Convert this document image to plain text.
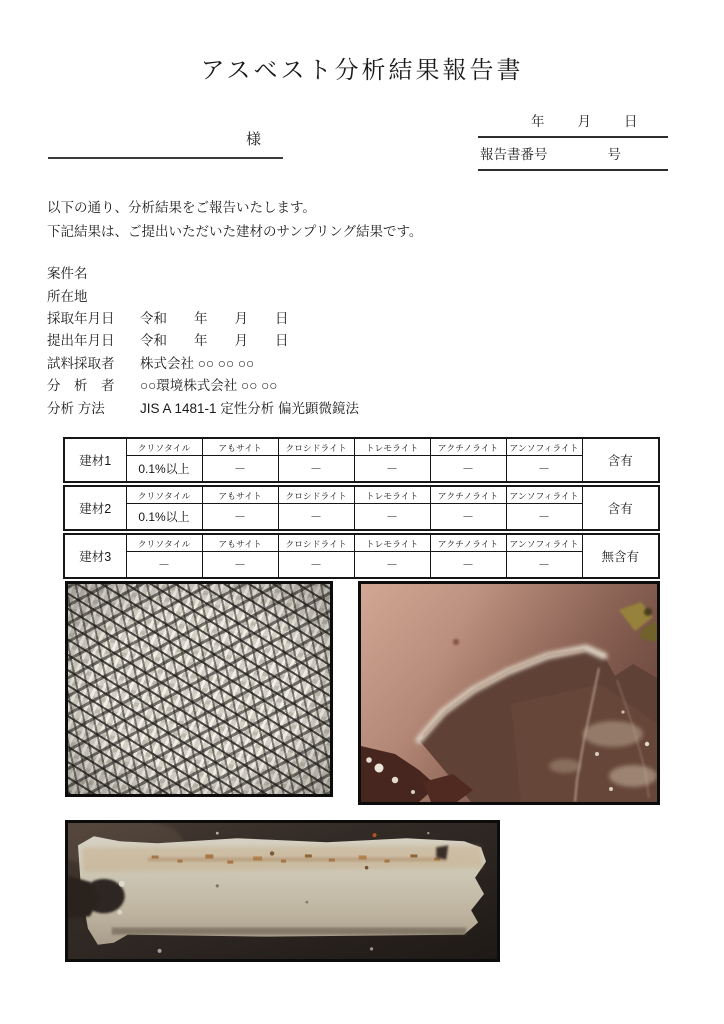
アスベスト分析結果報告書
様
年 月 日
報告書番号	号
以下の通り、分析結果をご報告いたします。
下記結果は、ご提出いただいた建材のサンプリング結果です。
案件名
所在地
採取年月日	令和　　年　　月　　日
提出年月日	令和　　年　　月　　日
試料採取者	株式会社 ○○ ○○ ○○
分　析　者	○○環境株式会社 ○○ ○○
分析 方法	JIS A 1481-1 定性分析 偏光顕微鏡法
建材1	クリソタイル	アもサイト	クロシドライト	トレモライト	アクチノライト	アンソフィライト	含有
	0.1%以上	－	－	－	－	－	
建材2	クリソタイル	アもサイト	クロシドライト	トレモライト	アクチノライト	アンソフィライト	含有
	0.1%以上	－	－	－	－	－	
建材3	クリソタイル	アもサイト	クロシドライト	トレモライト	アクチノライト	アンソフィライト	無含有
	－	－	－	－	－	－	
